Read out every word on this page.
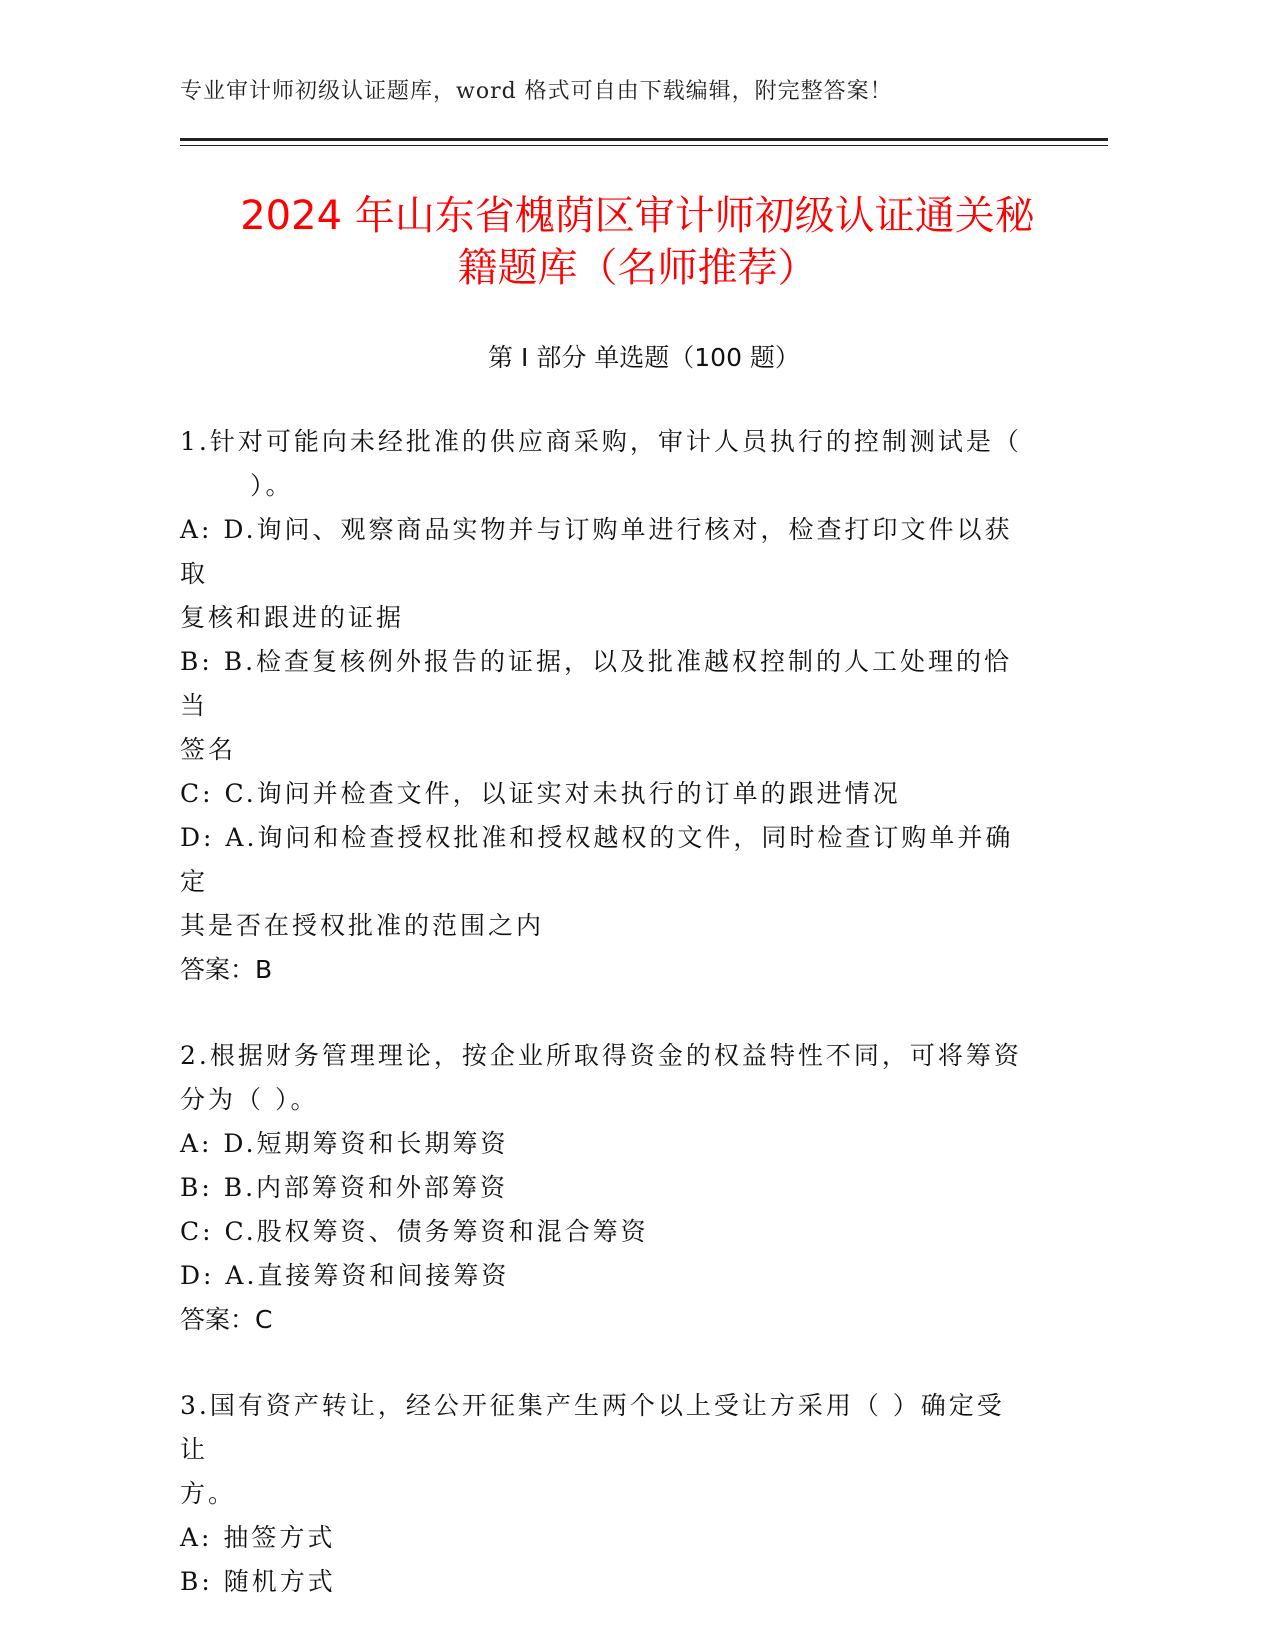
专业审计师初级认证题库，word 格式可自由下载编辑，附完整答案！
2024 年山东省槐荫区审计师初级认证通关秘
籍题库（名师推荐）
第 I 部分 单选题（100 题）

1.针对可能向未经批准的供应商采购，审计人员执行的控制测试是（

）。

A: D.询问、观察商品实物并与订购单进行核对，检查打印文件以获取

复核和跟进的证据

B: B.检查复核例外报告的证据，以及批准越权控制的人工处理的恰当

签名

C: C.询问并检查文件，以证实对未执行的订单的跟进情况

D: A.询问和检查授权批准和授权越权的文件，同时检查订购单并确定

其是否在授权批准的范围之内

答案：B

2.根据财务管理理论，按企业所取得资金的权益特性不同，可将筹资

分为（ ）。

A: D.短期筹资和长期筹资

B: B.内部筹资和外部筹资

C: C.股权筹资、债务筹资和混合筹资

D: A.直接筹资和间接筹资

答案：C

3.国有资产转让，经公开征集产生两个以上受让方采用（ ）确定受让

方。

A: 抽签方式

B: 随机方式
